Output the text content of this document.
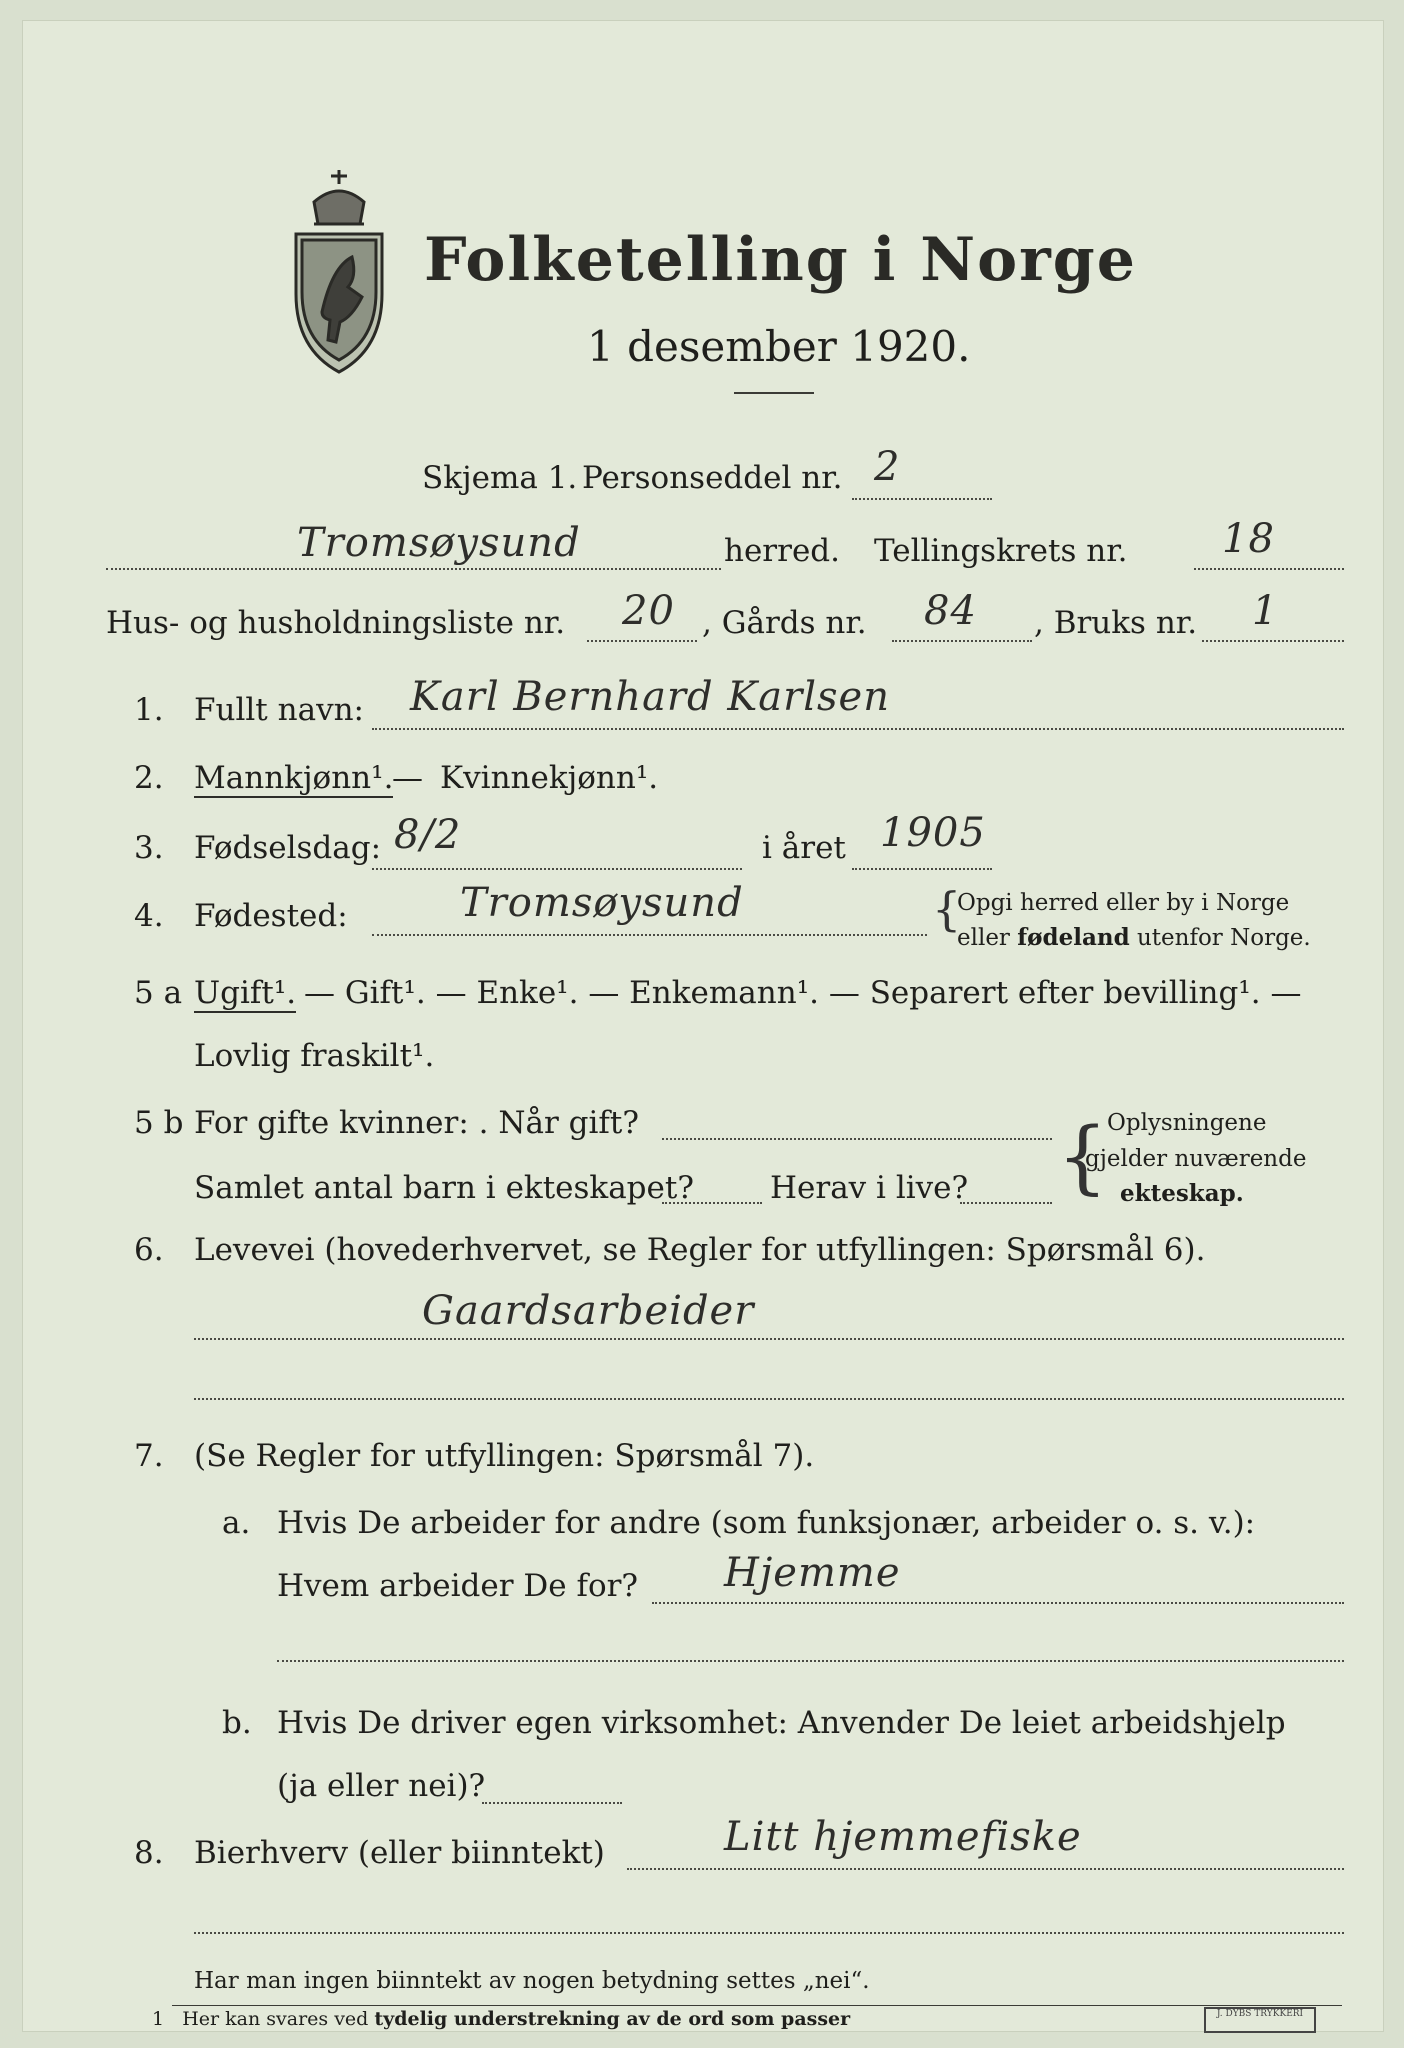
Folketelling i Norge
1 desember 1920.
Skjema 1. Personseddel nr. 2
Tromsøysund	herred. Tellingskrets nr. 18
Hus- og husholdningsliste nr. 20 , Gårds nr. 84 , Bruks nr. 1
1. Fullt navn: Karl Bernhard Karlsen
2. Mannkjønn¹.
— Kvinnekjønn¹.
3. Fødselsdag: 8/2	i året 1905
4. Fødested:	Tromsøysund	{
Opgi herred eller by i Norge
eller fødeland utenfor Norge.
5 a Ugift¹. — Gift¹. — Enke¹. — Enkemann¹. — Separert efter bevilling¹. —
Lovlig fraskilt¹.
5 b For gifte kvinner: . Når gift?
Samlet antal barn i ekteskapet? Herav i live? { Oplysningene
gjelder nuværende
ekteskap.
6. Levevei (hovederhvervet, se Regler for utfyllingen: Spørsmål 6).
Gaardsarbeider
7. (Se Regler for utfyllingen: Spørsmål 7).
a. Hvis De arbeider for andre (som funksjonær, arbeider o. s. v.):
Hvem arbeider De for? Hjemme
b. Hvis De driver egen virksomhet: Anvender De leiet arbeidshjelp
(ja eller nei)?
8. Bierhverv (eller biinntekt)	Litt hjemmefiske
Har man ingen biinntekt av nogen betydning settes „nei“.
1 Her kan svares ved tydelig understrekning av de ord som passer	J. DYBS TRYKKERI
